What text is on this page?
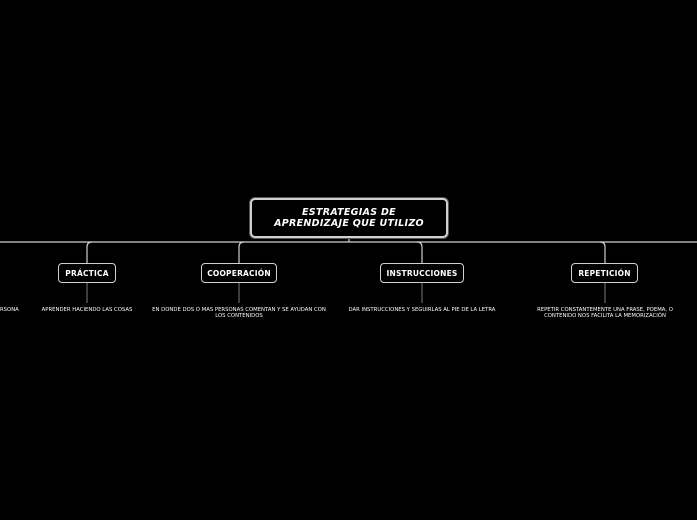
ESTRATEGIAS DE APRENDIZAJE QUE UTILIZO
PRÁCTICA	COOPERACIÓN	INSTRUCCIONES	REPETICIÓN
RSONA	APRENDER HACIENDO LAS COSAS	EN DONDE DOS O MAS PERSONAS COMENTAN Y SE AYUDAN CON LOS CONTENIDOS
DAR INSTRUCCIONES Y SEGUIRLAS AL PIE DE LA LETRA	REPETIR CONSTANTEMENTE UNA FRASE, POEMA, O CONTENIDO NOS FACILITA LA MEMORIZACIÓN
